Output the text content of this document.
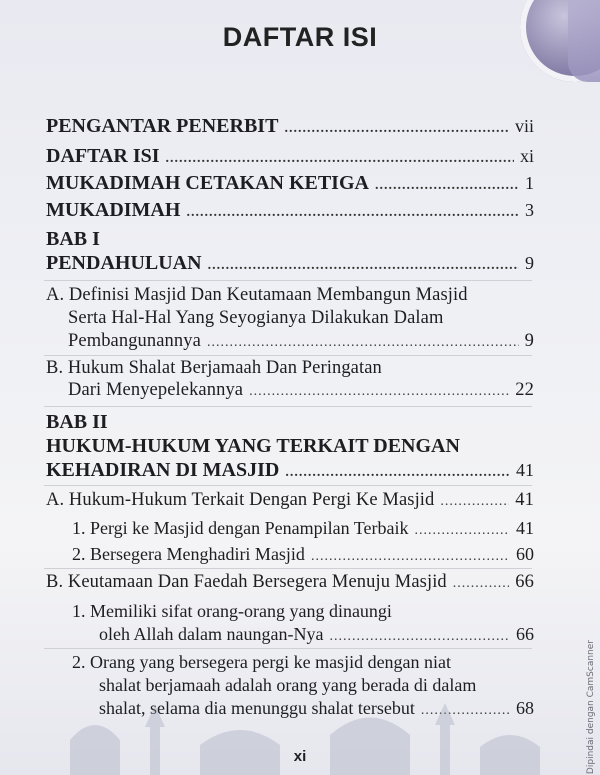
DAFTAR ISI
PENGANTAR PENERBIT .....	vii
DAFTAR ISI .....	xi
MUKADIMAH CETAKAN KETIGA .....	1
MUKADIMAH .....	3
BAB I
PENDAHULUAN .....	9
A. Definisi Masjid Dan Keutamaan Membangun Masjid
Serta Hal-Hal Yang Seyogianya Dilakukan Dalam
Pembangunannya .....	9
B. Hukum Shalat Berjamaah Dan Peringatan
Dari Menyepelekannya .....	22
BAB II
HUKUM-HUKUM YANG TERKAIT DENGAN
KEHADIRAN DI MASJID .....	41
A. Hukum-Hukum Terkait Dengan Pergi Ke Masjid .....	41
1. Pergi ke Masjid dengan Penampilan Terbaik .....	41
2. Bersegera Menghadiri Masjid .....	60
B. Keutamaan Dan Faedah Bersegera Menuju Masjid .....	66
1. Memiliki sifat orang-orang yang dinaungi
oleh Allah dalam naungan-Nya .....	66
2. Orang yang bersegera pergi ke masjid dengan niat
shalat berjamaah adalah orang yang berada di dalam
shalat, selama dia menunggu shalat tersebut .....	68
xi	Dipindai dengan CamScanner
